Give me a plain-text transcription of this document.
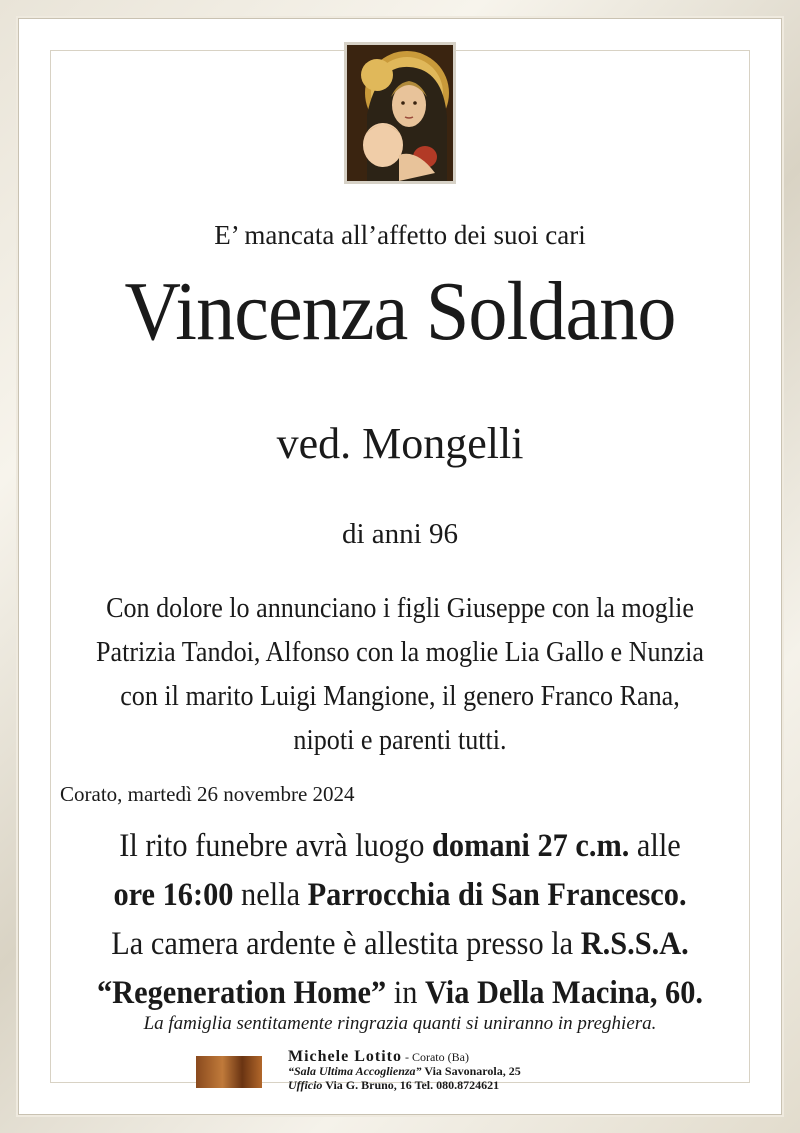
E’ mancata all’affetto dei suoi cari
Vincenza Soldano
ved. Mongelli
di anni 96
Con dolore lo annunciano i figli Giuseppe con la moglie
Patrizia Tandoi, Alfonso con la moglie Lia Gallo e Nunzia
con il marito Luigi Mangione, il genero Franco Rana,
nipoti e parenti tutti.
Corato, martedì 26 novembre 2024
Il rito funebre avrà luogo domani 27 c.m. alle
ore 16:00 nella Parrocchia di San Francesco.
La camera ardente è allestita presso la R.S.S.A.
“Regeneration Home” in Via Della Macina, 60.
La famiglia sentitamente ringrazia quanti si uniranno in preghiera.
Michele Lotito - Corato (Ba)
“Sala Ultima Accoglienza” Via Savonarola, 25
Ufficio Via G. Bruno, 16 Tel. 080.8724621
